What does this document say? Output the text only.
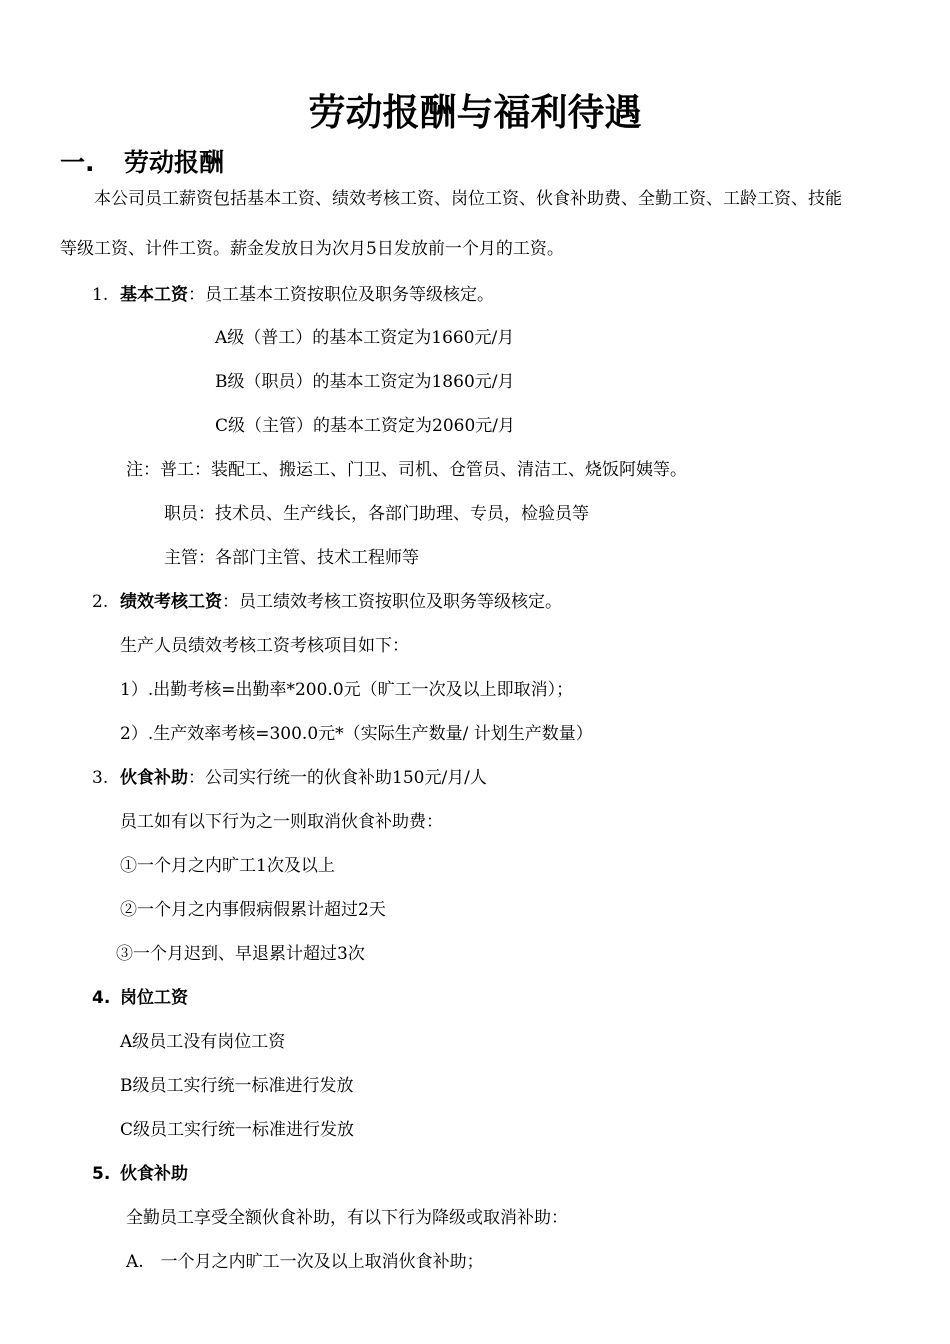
劳动报酬与福利待遇
一. 劳动报酬
本公司员工薪资包括基本工资、绩效考核工资、岗位工资、伙食补助费、全勤工资、工龄工资、技能
等级工资、计件工资。薪金发放日为次月5日发放前一个月的工资。
1. 基本工资：员工基本工资按职位及职务等级核定。
A级（普工）的基本工资定为1660元/月
B级（职员）的基本工资定为1860元/月
C级（主管）的基本工资定为2060元/月
注：普工：装配工、搬运工、门卫、司机、仓管员、清洁工、烧饭阿姨等。
职员：技术员、生产线长，各部门助理、专员，检验员等
主管：各部门主管、技术工程师等
2. 绩效考核工资：员工绩效考核工资按职位及职务等级核定。
生产人员绩效考核工资考核项目如下：
1）.出勤考核=出勤率*200.0元（旷工一次及以上即取消）；
2）.生产效率考核=300.0元*（实际生产数量/ 计划生产数量）
3. 伙食补助：公司实行统一的伙食补助150元/月/人
员工如有以下行为之一则取消伙食补助费：
①一个月之内旷工1次及以上
②一个月之内事假病假累计超过2天
③一个月迟到、早退累计超过3次
4. 岗位工资
A级员工没有岗位工资
B级员工实行统一标准进行发放
C级员工实行统一标准进行发放
5. 伙食补助
全勤员工享受全额伙食补助，有以下行为降级或取消补助：
A.　一个月之内旷工一次及以上取消伙食补助；
